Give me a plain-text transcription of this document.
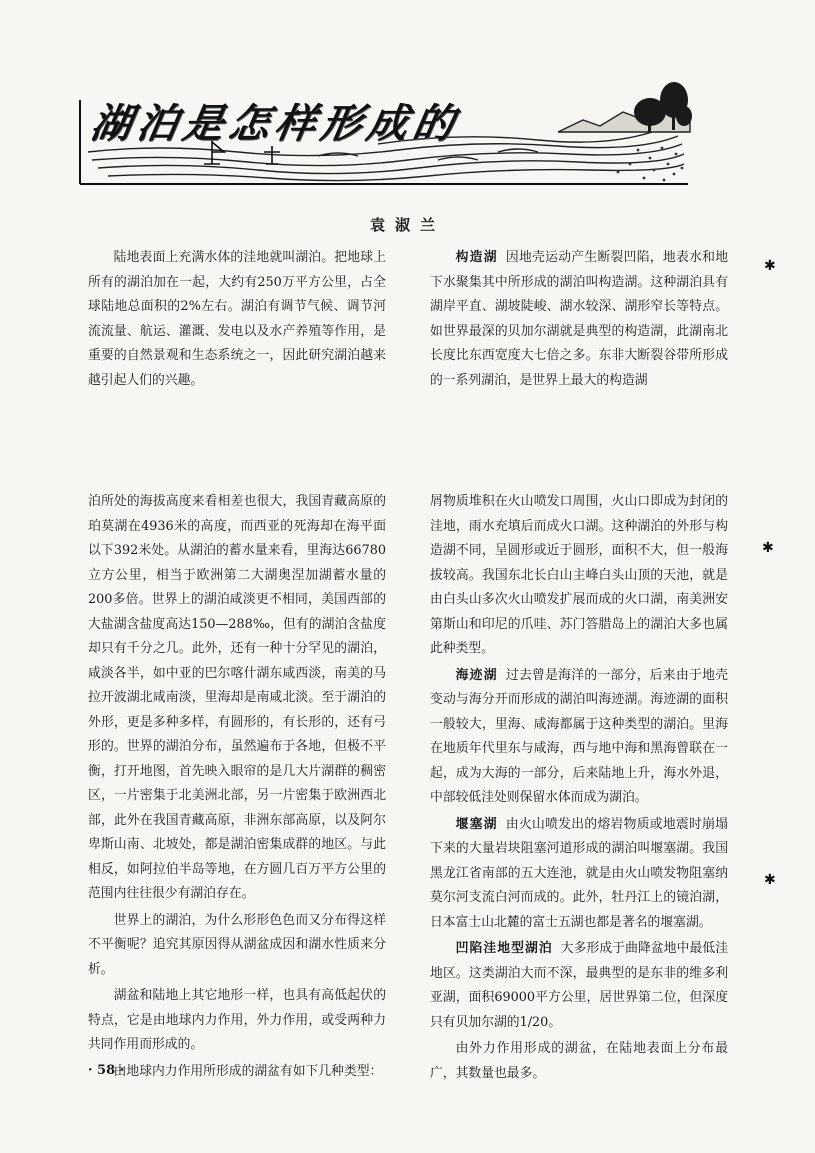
湖泊是怎样形成的

袁淑兰

陆地表面上充满水体的洼地就叫湖泊。把地球上所有的湖泊加在一起，大约有250万平方公里，占全球陆地总面积的2%左右。湖泊有调节气候、调节河流流量、航运、灌溉、发电以及水产养殖等作用，是重要的自然景观和生态系统之一，因此研究湖泊越来越引起人们的兴趣。

构造湖 因地壳运动产生断裂凹陷，地表水和地下水聚集其中所形成的湖泊叫构造湖。这种湖泊具有湖岸平直、湖坡陡峻、湖水较深、湖形窄长等特点。如世界最深的贝加尔湖就是典型的构造湖，此湖南北长度比东西宽度大七倍之多。东非大断裂谷带所形成的一系列湖泊，是世界上最大的构造湖

泊所处的海拔高度来看相差也很大，我国青藏高原的珀莫湖在4936米的高度，而西亚的死海却在海平面以下392米处。从湖泊的蓄水量来看，里海达66780立方公里，相当于欧洲第二大湖奥涅加湖蓄水量的200多倍。世界上的湖泊咸淡更不相同，美国西部的大盐湖含盐度高达150—288‰，但有的湖泊含盐度却只有千分之几。此外，还有一种十分罕见的湖泊，咸淡各半，如中亚的巴尔喀什湖东咸西淡，南美的马拉开波湖北咸南淡，里海却是南咸北淡。至于湖泊的外形，更是多种多样，有圆形的，有长形的，还有弓形的。世界的湖泊分布，虽然遍布于各地，但极不平衡，打开地图，首先映入眼帘的是几大片湖群的稠密区，一片密集于北美洲北部，另一片密集于欧洲西北部，此外在我国青藏高原，非洲东部高原，以及阿尔卑斯山南、北坡处，都是湖泊密集成群的地区。与此相反，如阿拉伯半岛等地，在方圆几百万平方公里的范围内往往很少有湖泊存在。

世界上的湖泊，为什么形形色色而又分布得这样不平衡呢？追究其原因得从湖盆成因和湖水性质来分析。

湖盆和陆地上其它地形一样，也具有高低起伏的特点，它是由地球内力作用，外力作用，或受两种力共同作用而形成的。

由地球内力作用所形成的湖盆有如下几种类型：

屑物质堆积在火山喷发口周围，火山口即成为封闭的洼地，雨水充填后而成火口湖。这种湖泊的外形与构造湖不同，呈圆形或近于圆形，面积不大，但一般海拔较高。我国东北长白山主峰白头山顶的天池，就是由白头山多次火山喷发扩展而成的火口湖，南美洲安第斯山和印尼的爪哇、苏门答腊岛上的湖泊大多也属此种类型。

海迹湖 过去曾是海洋的一部分，后来由于地壳变动与海分开而形成的湖泊叫海迹湖。海迹湖的面积一般较大，里海、咸海都属于这种类型的湖泊。里海在地质年代里东与咸海，西与地中海和黑海曾联在一起，成为大海的一部分，后来陆地上升，海水外退，中部较低洼处则保留水体而成为湖泊。

堰塞湖 由火山喷发出的熔岩物质或地震时崩塌下来的大量岩块阻塞河道形成的湖泊叫堰塞湖。我国黑龙江省南部的五大连池，就是由火山喷发物阻塞纳莫尔河支流白河而成的。此外，牡丹江上的镜泊湖，日本富士山北麓的富士五湖也都是著名的堰塞湖。

凹陷洼地型湖泊 大多形成于曲降盆地中最低洼地区。这类湖泊大而不深，最典型的是东非的维多利亚湖，面积69000平方公里，居世界第二位，但深度只有贝加尔湖的1/20。

由外力作用形成的湖盆，在陆地表面上分布最广，其数量也最多。

· 58 ·

✱
✱
✱
